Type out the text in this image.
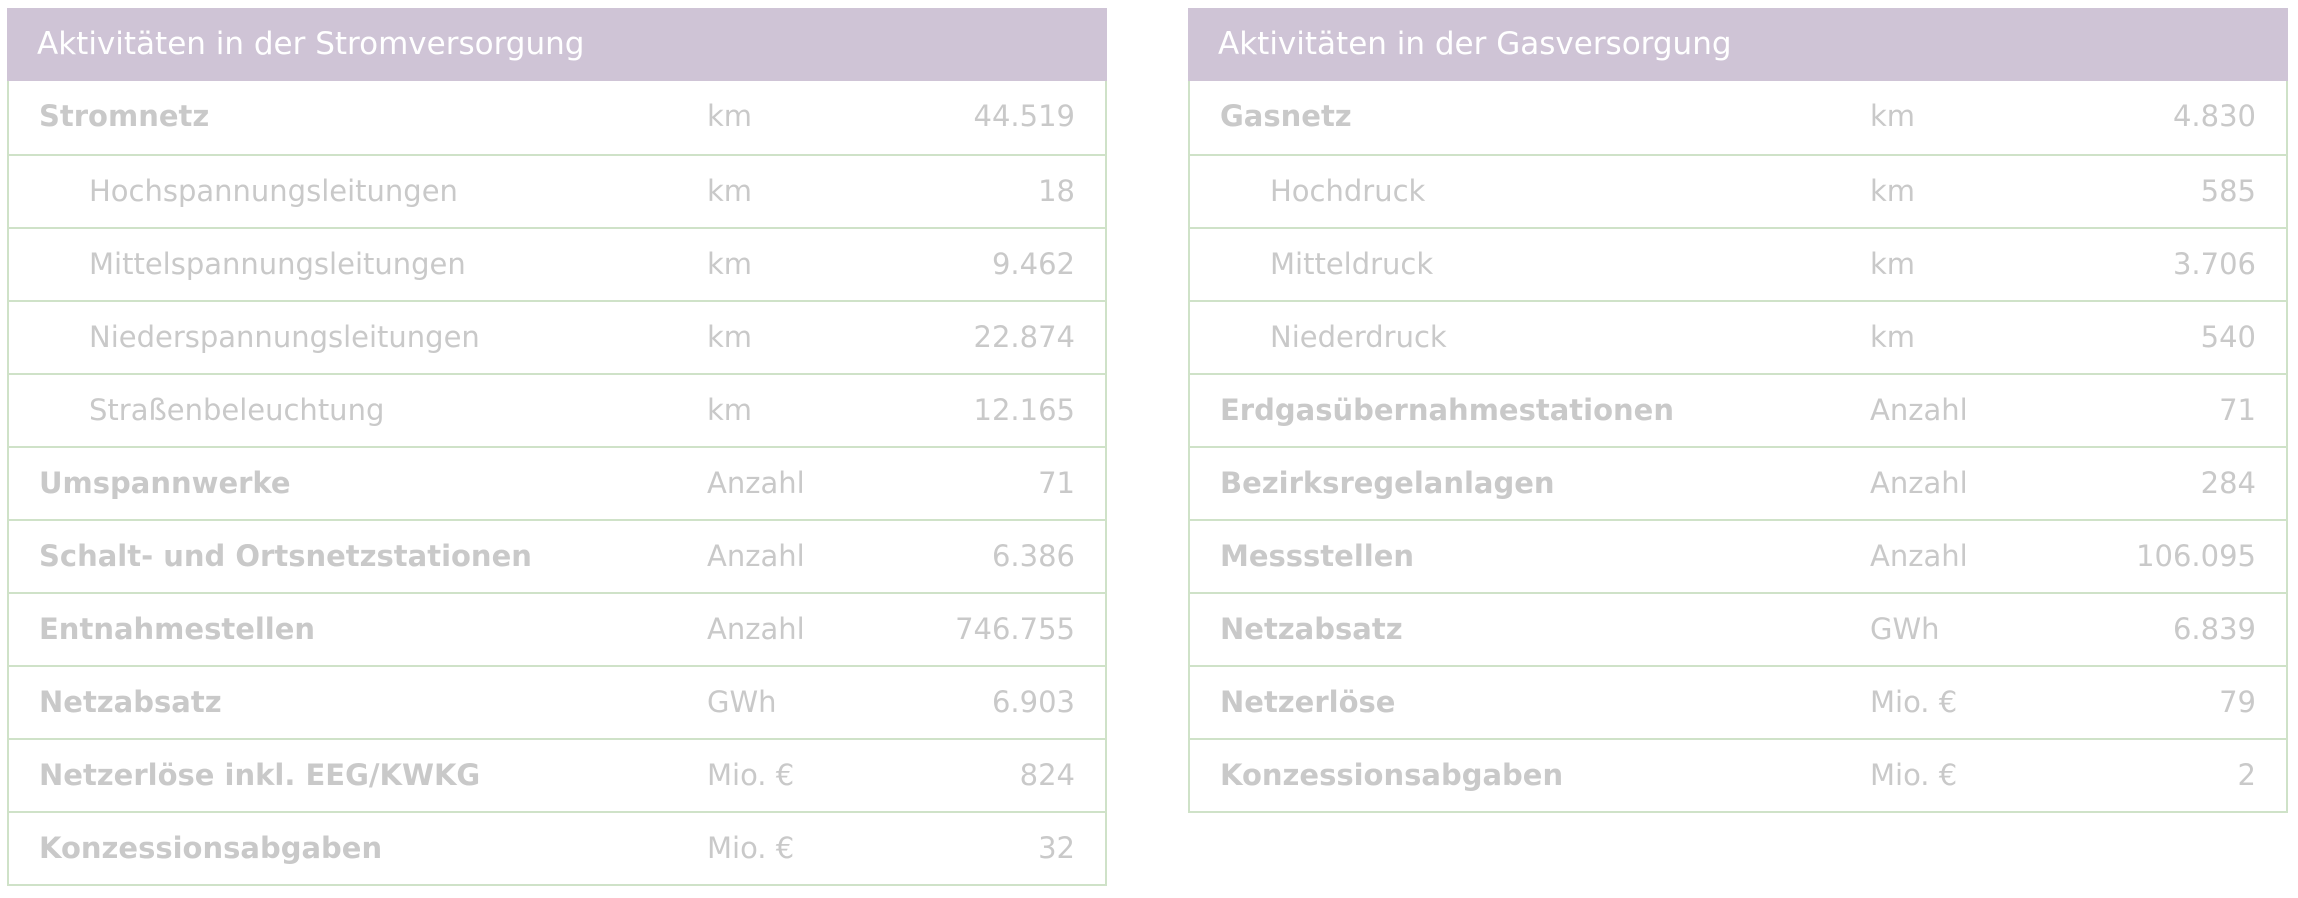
Aktivitäten in der Stromversorgung
Stromnetz	km	44.519
Hochspannungsleitungen	km	18
Mittelspannungsleitungen	km	9.462
Niederspannungsleitungen	km	22.874
Straßenbeleuchtung	km	12.165
Umspannwerke	Anzahl	71
Schalt- und Ortsnetzstationen	Anzahl	6.386
Entnahmestellen	Anzahl	746.755
Netzabsatz	GWh	6.903
Netzerlöse inkl. EEG/KWKG	Mio. €	824
Konzessionsabgaben	Mio. €	32
Aktivitäten in der Gasversorgung
Gasnetz	km	4.830
Hochdruck	km	585
Mitteldruck	km	3.706
Niederdruck	km	540
Erdgasübernahmestationen	Anzahl	71
Bezirksregelanlagen	Anzahl	284
Messstellen	Anzahl	106.095
Netzabsatz	GWh	6.839
Netzerlöse	Mio. €	79
Konzessionsabgaben	Mio. €	2
